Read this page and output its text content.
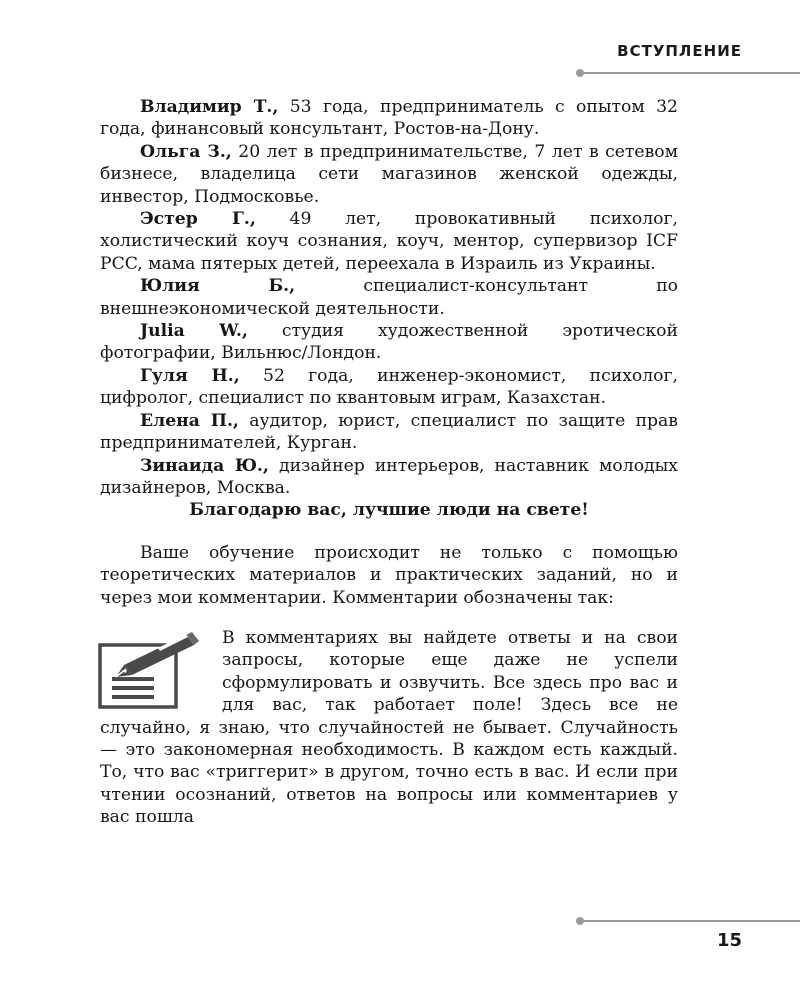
ВСТУПЛЕНИЕ

Владимир Т., 53 года, предприниматель с опытом 32 года, финансовый консультант, Ростов-на-Дону.

Ольга З., 20 лет в предпринимательстве, 7 лет в сетевом бизнесе, владелица сети магазинов женской одежды, инвестор, Подмосковье.

Эстер Г., 49 лет, провокативный психолог, холистический коуч сознания, коуч, ментор, супервизор ICF PCC, мама пятерых детей, переехала в Израиль из Украины.

Юлия Б., специалист-консультант по внешнеэкономической деятельности.

Julia W., студия художественной эротической фотографии, Вильнюс/Лондон.

Гуля Н., 52 года, инженер-экономист, психолог, цифролог, специалист по квантовым играм, Казахстан.

Елена П., аудитор, юрист, специалист по защите прав предпринимателей, Курган.

Зинаида Ю., дизайнер интерьеров, наставник молодых дизайнеров, Москва.

Благодарю вас, лучшие люди на свете!

Ваше обучение происходит не только с помощью теоретических материалов и практических заданий, но и через мои комментарии. Комментарии обозначены так:

В комментариях вы найдете ответы и на свои запросы, которые еще даже не успели сформулировать и озвучить. Все здесь про вас и для вас, так работает поле! Здесь все не случайно, я знаю, что случайностей не бывает. Случайность — это закономерная необходимость. В каждом есть каждый. То, что вас «триггерит» в другом, точно есть в вас. И если при чтении осознаний, ответов на вопросы или комментариев у вас пошла
15
